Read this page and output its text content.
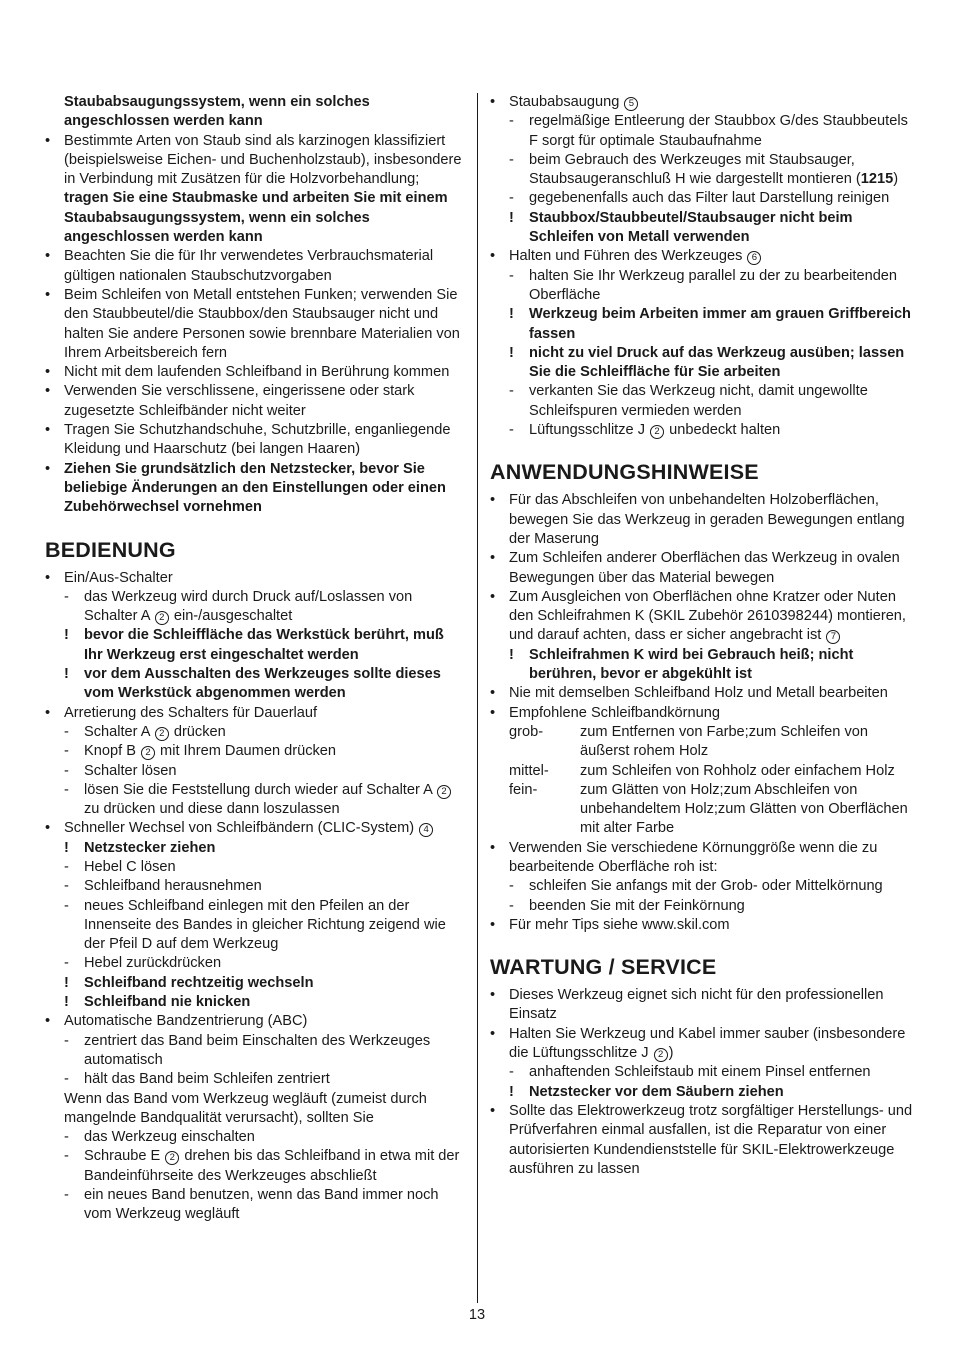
Staubabsaugungssystem, wenn ein solches angeschlossen werden kann
• Bestimmte Arten von Staub sind als karzinogen klassifiziert (beispielsweise Eichen- und Buchenholzstaub), insbesondere in Verbindung mit Zusätzen für die Holzvorbehandlung; tragen Sie eine Staubmaske und arbeiten Sie mit einem Staubabsaugungssystem, wenn ein solches angeschlossen werden kann
• Beachten Sie die für Ihr verwendetes Verbrauchsmaterial gültigen nationalen Staubschutzvorgaben
• Beim Schleifen von Metall entstehen Funken; verwenden Sie den Staubbeutel/die Staubbox/den Staubsauger nicht und halten Sie andere Personen sowie brennbare Materialien von Ihrem Arbeitsbereich fern
• Nicht mit dem laufenden Schleifband in Berührung kommen
• Verwenden Sie verschlissene, eingerissene oder stark zugesetzte Schleifbänder nicht weiter
• Tragen Sie Schutzhandschuhe, Schutzbrille, enganliegende Kleidung und Haarschutz (bei langen Haaren)
• Ziehen Sie grundsätzlich den Netzstecker, bevor Sie beliebige Änderungen an den Einstellungen oder einen Zubehörwechsel vornehmen
BEDIENUNG
• Ein/Aus-Schalter
- das Werkzeug wird durch Druck auf/Loslassen von Schalter A 2 ein-/ausgeschaltet
! bevor die Schleiffläche das Werkstück berührt, muß Ihr Werkzeug erst eingeschaltet werden
! vor dem Ausschalten des Werkzeuges sollte dieses vom Werkstück abgenommen werden
• Arretierung des Schalters für Dauerlauf
- Schalter A 2 drücken
- Knopf B 2 mit Ihrem Daumen drücken
- Schalter lösen
- lösen Sie die Feststellung durch wieder auf Schalter A 2 zu drücken und diese dann loszulassen
• Schneller Wechsel von Schleifbändern (CLIC-System) 4
! Netzstecker ziehen
- Hebel C lösen
- Schleifband herausnehmen
- neues Schleifband einlegen mit den Pfeilen an der Innenseite des Bandes in gleicher Richtung zeigend wie der Pfeil D auf dem Werkzeug
- Hebel zurückdrücken
! Schleifband rechtzeitig wechseln
! Schleifband nie knicken
• Automatische Bandzentrierung (ABC)
- zentriert das Band beim Einschalten des Werkzeuges automatisch
- hält das Band beim Schleifen zentriert
Wenn das Band vom Werkzeug wegläuft (zumeist durch mangelnde Bandqualität verursacht), sollten Sie
- das Werkzeug einschalten
- Schraube E 2 drehen bis das Schleifband in etwa mit der Bandeinführseite des Werkzeuges abschließt
- ein neues Band benutzen, wenn das Band immer noch vom Werkzeug wegläuft
• Staubabsaugung 5
- regelmäßige Entleerung der Staubbox G/des Staubbeutels F sorgt für optimale Staubaufnahme
- beim Gebrauch des Werkzeuges mit Staubsauger, Staubsaugeranschluß H wie dargestellt montieren (1215)
- gegebenenfalls auch das Filter laut Darstellung reinigen
! Staubbox/Staubbeutel/Staubsauger nicht beim Schleifen von Metall verwenden
• Halten und Führen des Werkzeuges 6
- halten Sie Ihr Werkzeug parallel zu der zu bearbeitenden Oberfläche
! Werkzeug beim Arbeiten immer am grauen Griffbereich fassen
! nicht zu viel Druck auf das Werkzeug ausüben; lassen Sie die Schleiffläche für Sie arbeiten
- verkanten Sie das Werkzeug nicht, damit ungewollte Schleifspuren vermieden werden
- Lüftungsschlitze J 2 unbedeckt halten
ANWENDUNGSHINWEISE
• Für das Abschleifen von unbehandelten Holzoberflächen, bewegen Sie das Werkzeug in geraden Bewegungen entlang der Maserung
• Zum Schleifen anderer Oberflächen das Werkzeug in ovalen Bewegungen über das Material bewegen
• Zum Ausgleichen von Oberflächen ohne Kratzer oder Nuten den Schleifrahmen K (SKIL Zubehör 2610398244) montieren, und darauf achten, dass er sicher angebracht ist 7
! Schleifrahmen K wird bei Gebrauch heiß; nicht berühren, bevor er abgekühlt ist
• Nie mit demselben Schleifband Holz und Metall bearbeiten
• Empfohlene Schleifbandkörnung
grob-	zum Entfernen von Farbe;zum Schleifen von äußerst rohem Holz
mittel- zum Schleifen von Rohholz oder einfachem Holz
fein-	zum Glätten von Holz;zum Abschleifen von unbehandeltem Holz;zum Glätten von Oberflächen mit alter Farbe
• Verwenden Sie verschiedene Körnunggröße wenn die zu bearbeitende Oberfläche roh ist:
- schleifen Sie anfangs mit der Grob- oder Mittelkörnung
- beenden Sie mit der Feinkörnung
• Für mehr Tips siehe www.skil.com
WARTUNG / SERVICE
• Dieses Werkzeug eignet sich nicht für den professionellen Einsatz
• Halten Sie Werkzeug und Kabel immer sauber (insbesondere die Lüftungsschlitze J 2 )
- anhaftenden Schleifstaub mit einem Pinsel entfernen
! Netzstecker vor dem Säubern ziehen
• Sollte das Elektrowerkzeug trotz sorgfältiger Herstellungs- und Prüfverfahren einmal ausfallen, ist die Reparatur von einer autorisierten Kundendienststelle für SKIL-Elektrowerkzeuge ausführen zu lassen
13
